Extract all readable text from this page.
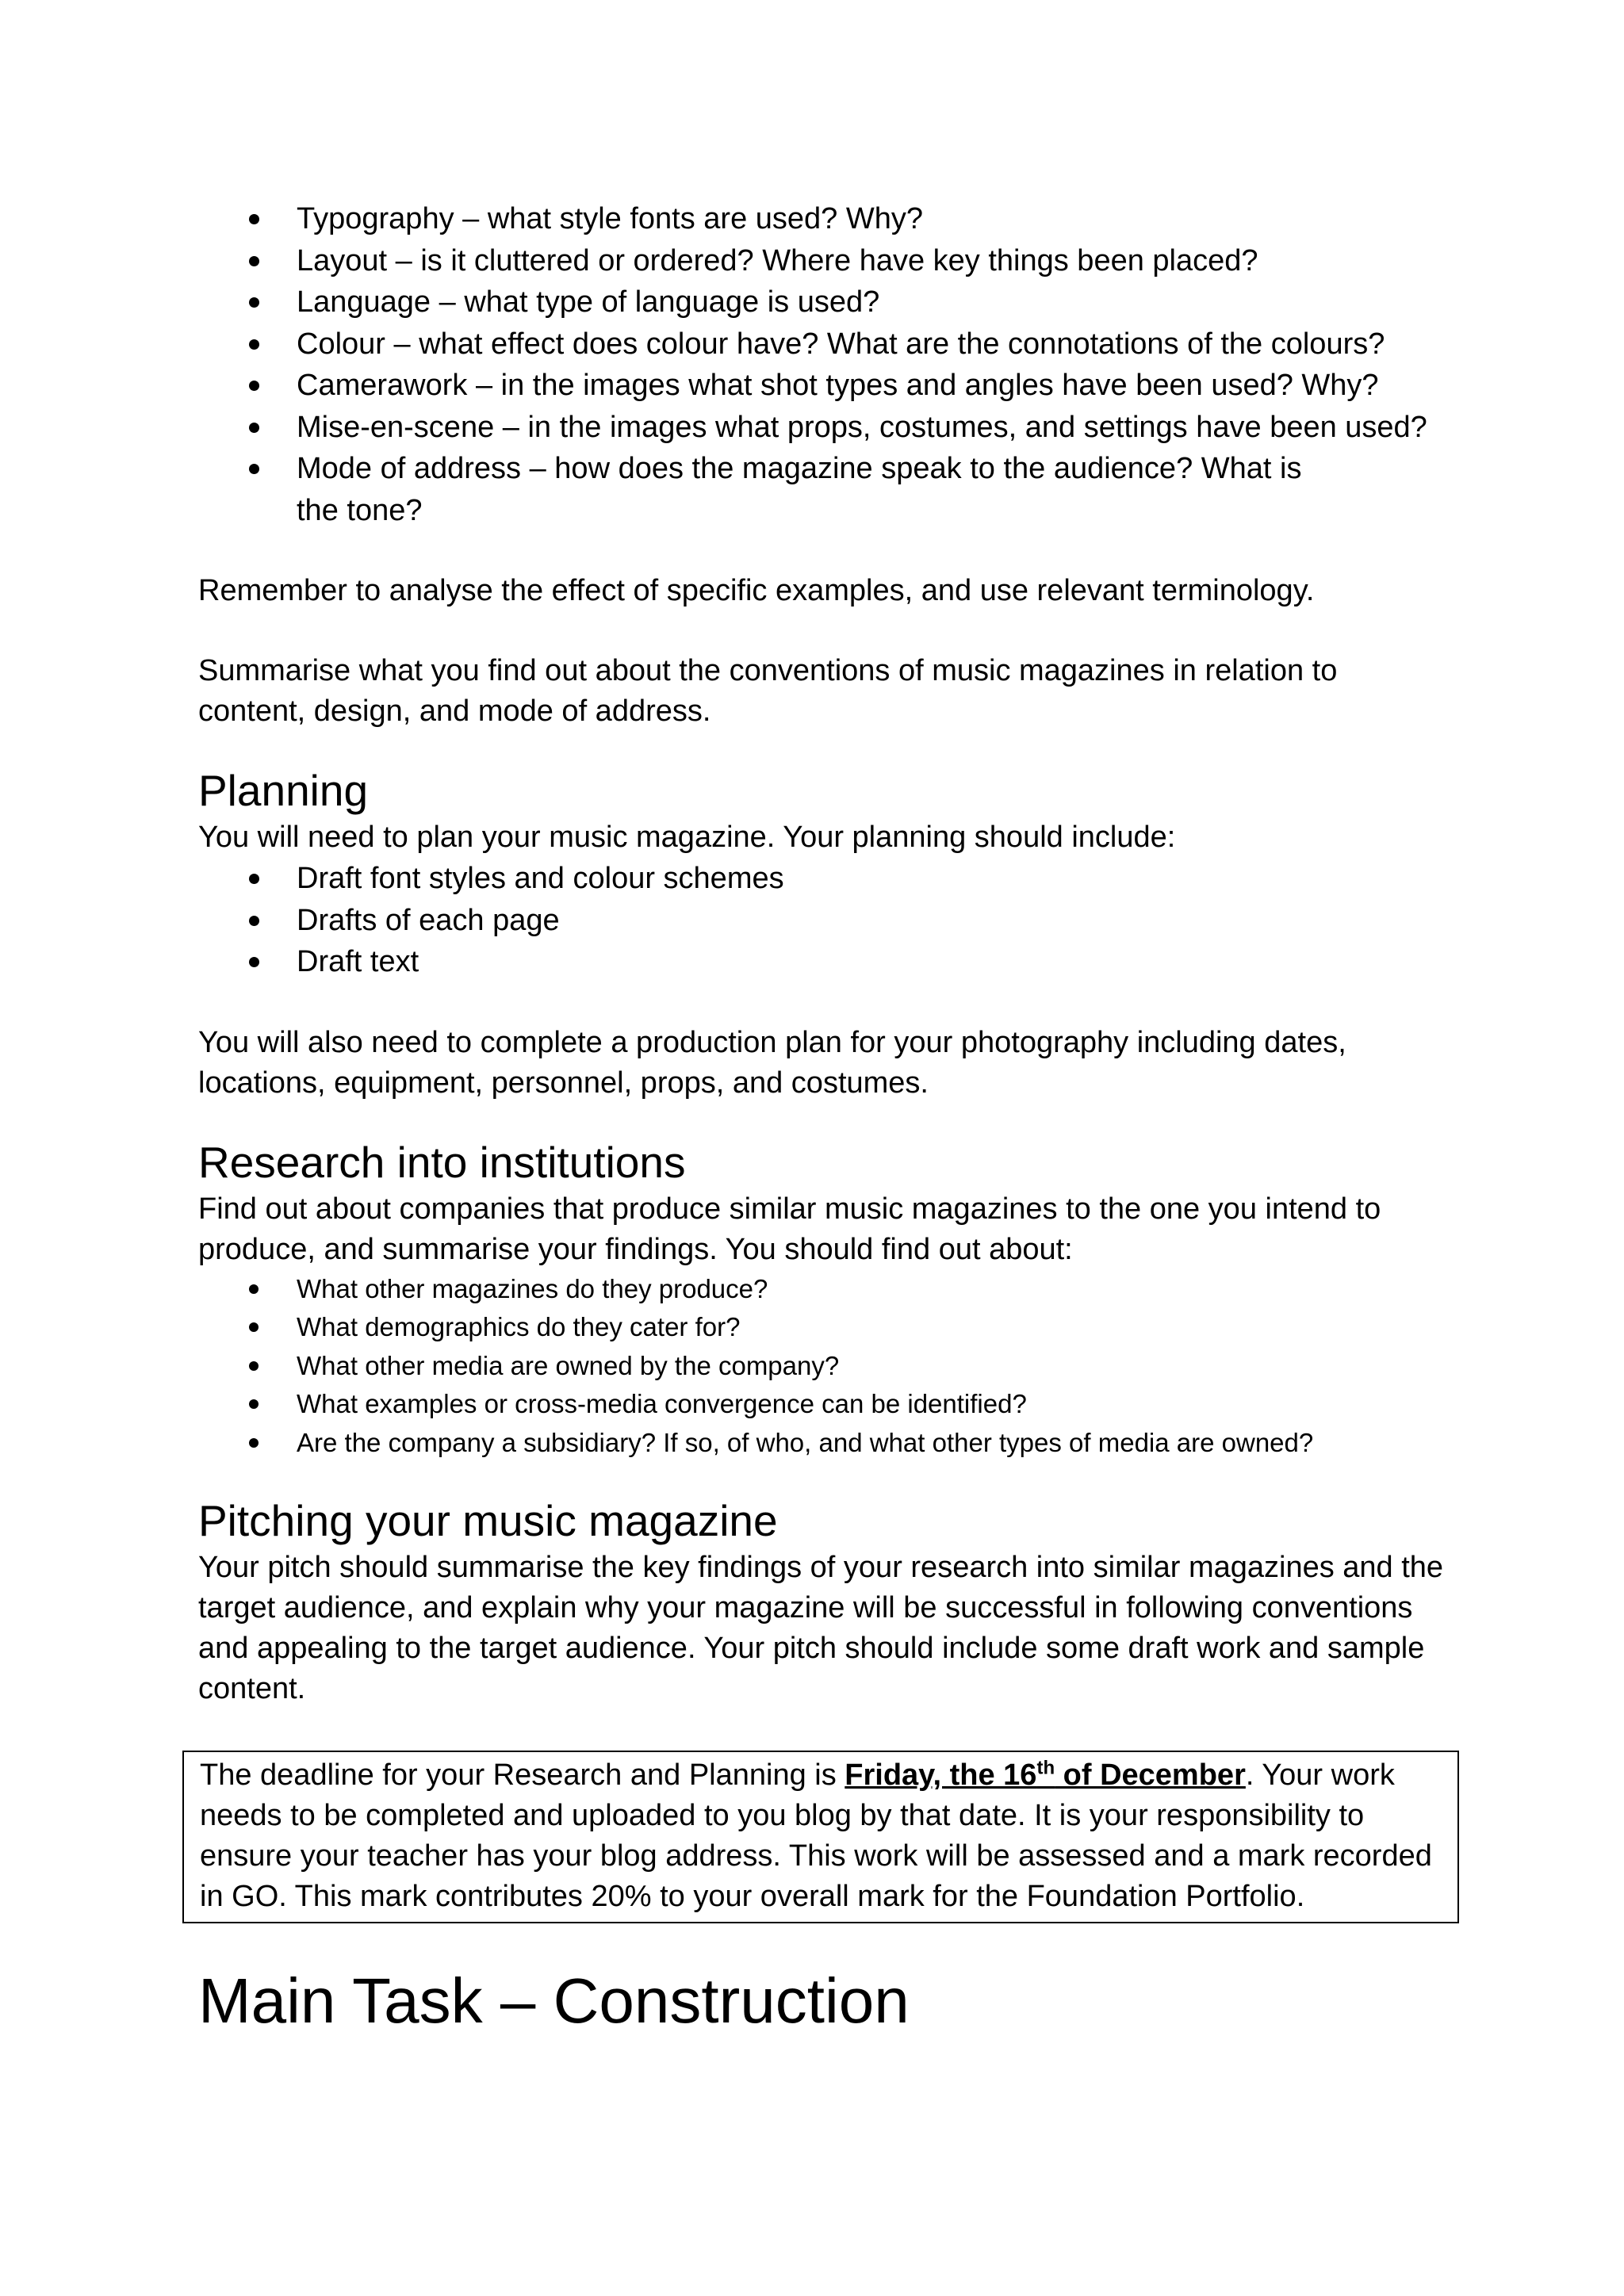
Typography – what style fonts are used? Why?
Layout – is it cluttered or ordered? Where have key things been placed?
Language – what type of language is used?
Colour – what effect does colour have? What are the connotations of the colours?
Camerawork – in the images what shot types and angles have been used? Why?
Mise-en-scene – in the images what props, costumes, and settings have been used?
Mode of address – how does the magazine speak to the audience? What is the tone?

Remember to analyse the effect of specific examples, and use relevant terminology.

Summarise what you find out about the conventions of music magazines in relation to content, design, and mode of address.

Planning

You will need to plan your music magazine. Your planning should include:

Draft font styles and colour schemes
Drafts of each page
Draft text

You will also need to complete a production plan for your photography including dates, locations, equipment, personnel, props, and costumes.

Research into institutions

Find out about companies that produce similar music magazines to the one you intend to produce, and summarise your findings. You should find out about:

What other magazines do they produce?
What demographics do they cater for?
What other media are owned by the company?
What examples or cross-media convergence can be identified?
Are the company a subsidiary? If so, of who, and what other types of media are owned?
Pitching your music magazine

Your pitch should summarise the key findings of your research into similar magazines and the target audience, and explain why your magazine will be successful in following conventions and appealing to the target audience. Your pitch should include some draft work and sample content.

The deadline for your Research and Planning is Friday, the 16th of December. Your work needs to be completed and uploaded to you blog by that date. It is your responsibility to ensure your teacher has your blog address. This work will be assessed and a mark recorded in GO. This mark contributes 20% to your overall mark for the Foundation Portfolio.

Main Task – Construction
